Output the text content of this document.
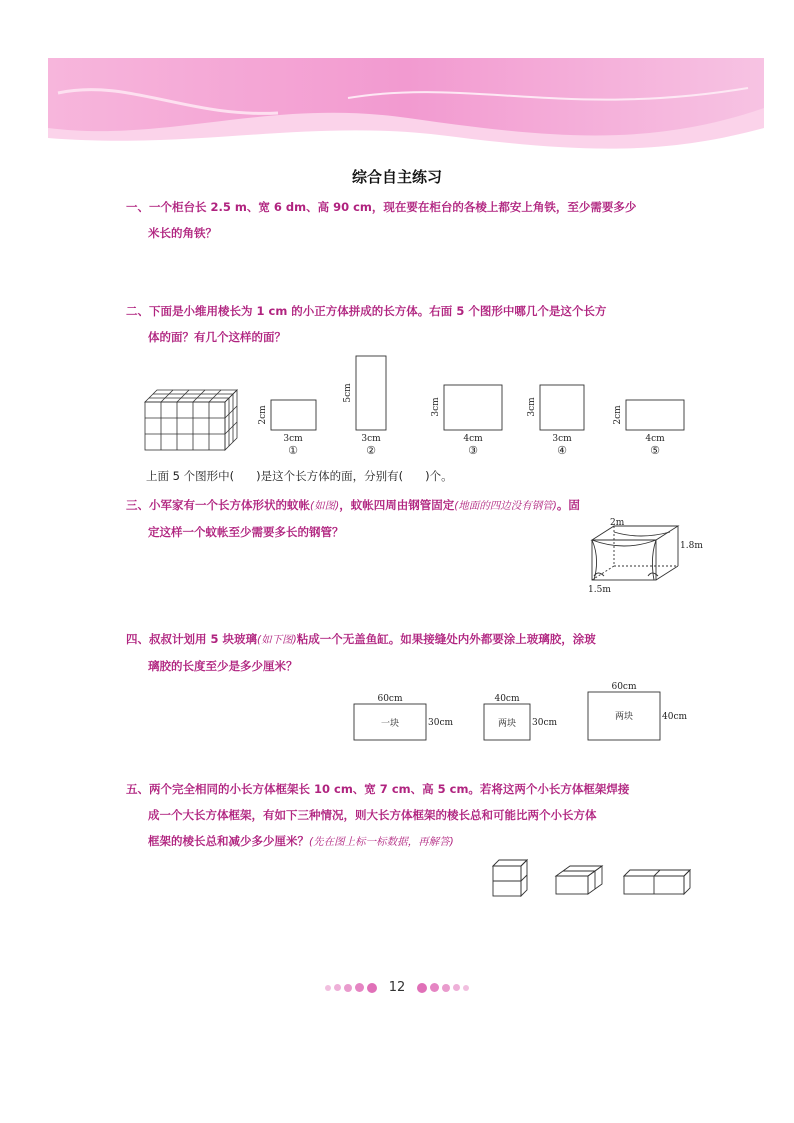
综合自主练习
一、一个柜台长 2.5 m、宽 6 dm、高 90 cm，现在要在柜台的各棱上都安上角铁，至少需要多少
米长的角铁？
二、下面是小维用棱长为 1 cm 的小正方体拼成的长方体。右面 5 个图形中哪几个是这个长方
体的面？有几个这样的面？
3cm
2cm
①
3cm
5cm
②
4cm
3cm
③
3cm
3cm
④
4cm
2cm
⑤
上面 5 个图形中( )是这个长方体的面，分别有( )个。
三、小军家有一个长方体形状的蚊帐(如图)，蚊帐四周由钢管固定(地面的四边没有钢管)。固
定这样一个蚊帐至少需要多长的钢管？
2m
1.8m
1.5m
四、叔叔计划用 5 块玻璃(如下图)粘成一个无盖鱼缸。如果接缝处内外都要涂上玻璃胶，涂玻
璃胶的长度至少是多少厘米？
60cm
30cm
一块
40cm
30cm
两块
60cm
40cm
两块
五、两个完全相同的小长方体框架长 10 cm、宽 7 cm、高 5 cm。若将这两个小长方体框架焊接
成一个大长方体框架，有如下三种情况，则大长方体框架的棱长总和可能比两个小长方体
框架的棱长总和减少多少厘米？(先在图上标一标数据，再解答)
12
